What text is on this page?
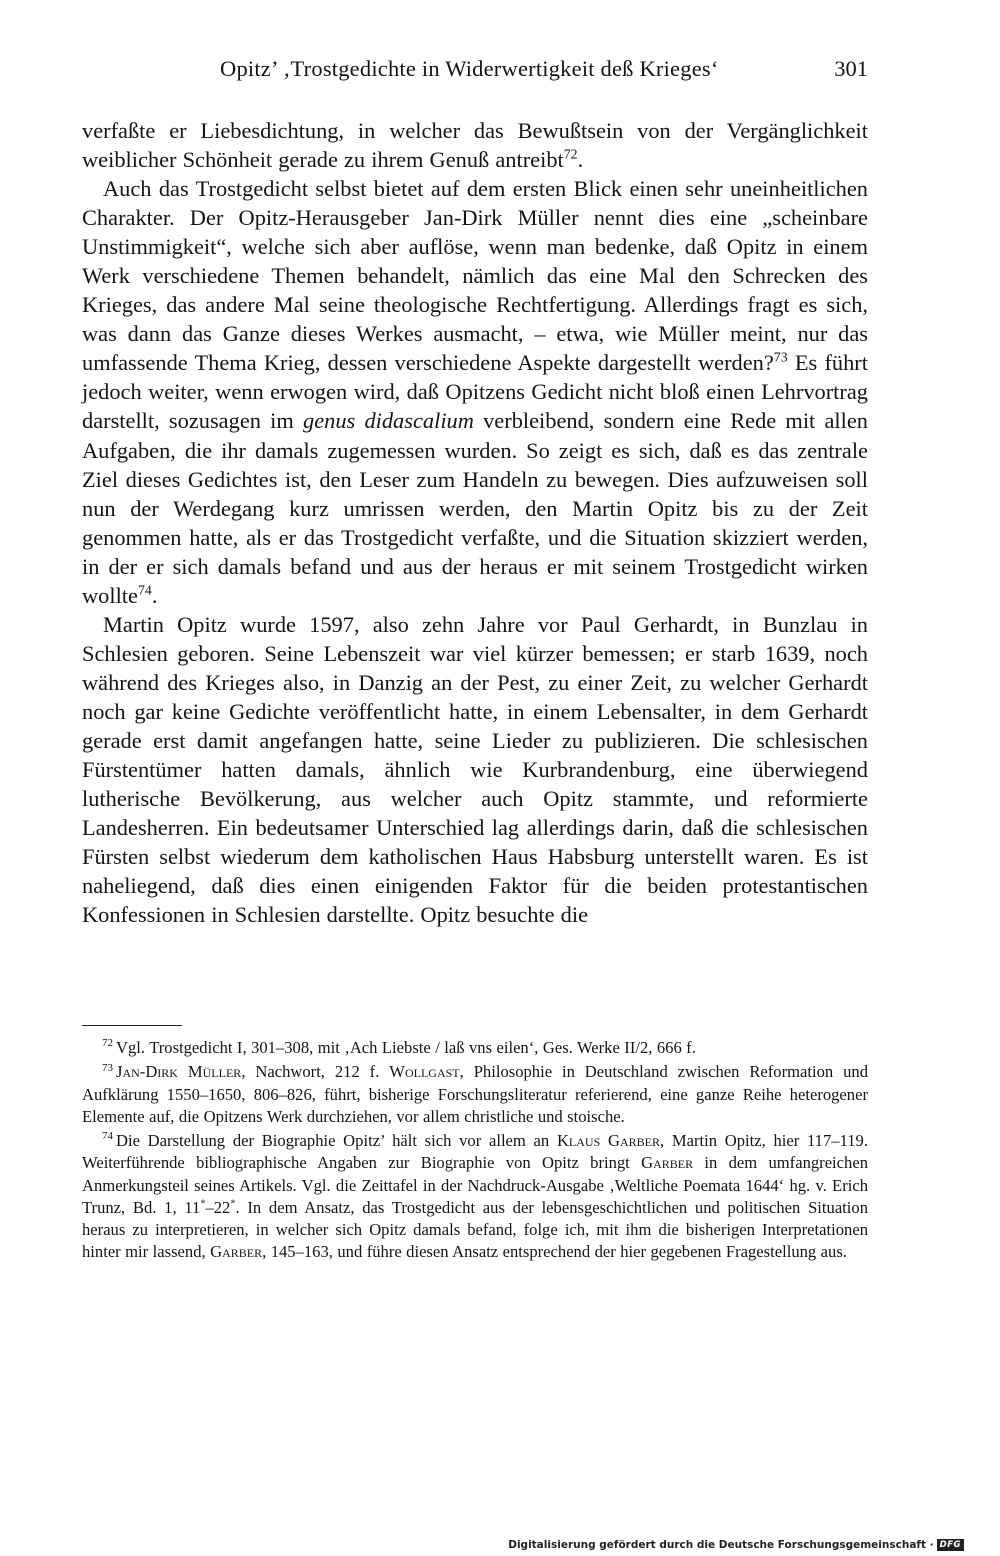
Opitz’ ‚Trostgedichte in Widerwertigkeit deß Krieges‘	301

verfaßte er Liebesdichtung, in welcher das Bewußtsein von der Vergänglichkeit weiblicher Schönheit gerade zu ihrem Genuß antreibt$^{72}$.

Auch das Trostgedicht selbst bietet auf dem ersten Blick einen sehr uneinheitlichen Charakter. Der Opitz-Herausgeber Jan-Dirk Müller nennt dies eine „scheinbare Unstimmigkeit“, welche sich aber auflöse, wenn man bedenke, daß Opitz in einem Werk verschiedene Themen behandelt, nämlich das eine Mal den Schrecken des Krieges, das andere Mal seine theologische Rechtfertigung. Allerdings fragt es sich, was dann das Ganze dieses Werkes ausmacht, – etwa, wie Müller meint, nur das umfassende Thema Krieg, dessen verschiedene Aspekte dargestellt werden?$^{73}$ Es führt jedoch weiter, wenn erwogen wird, daß Opitzens Gedicht nicht bloß einen Lehrvortrag darstellt, sozusagen im genus didascalium verbleibend, sondern eine Rede mit allen Aufgaben, die ihr damals zugemessen wurden. So zeigt es sich, daß es das zentrale Ziel dieses Gedichtes ist, den Leser zum Handeln zu bewegen. Dies aufzuweisen soll nun der Werdegang kurz umrissen werden, den Martin Opitz bis zu der Zeit genommen hatte, als er das Trostgedicht verfaßte, und die Situation skizziert werden, in der er sich damals befand und aus der heraus er mit seinem Trostgedicht wirken wollte$^{74}$.

Martin Opitz wurde 1597, also zehn Jahre vor Paul Gerhardt, in Bunzlau in Schlesien geboren. Seine Lebenszeit war viel kürzer bemessen; er starb 1639, noch während des Krieges also, in Danzig an der Pest, zu einer Zeit, zu welcher Gerhardt noch gar keine Gedichte veröffentlicht hatte, in einem Lebensalter, in dem Gerhardt gerade erst damit angefangen hatte, seine Lieder zu publizieren. Die schlesischen Fürstentümer hatten damals, ähnlich wie Kurbrandenburg, eine überwiegend lutherische Bevölkerung, aus welcher auch Opitz stammte, und reformierte Landesherren. Ein bedeutsamer Unterschied lag allerdings darin, daß die schlesischen Fürsten selbst wiederum dem katholischen Haus Habsburg unterstellt waren. Es ist naheliegend, daß dies einen einigenden Faktor für die beiden protestantischen Konfessionen in Schlesien darstellte. Opitz besuchte die

$^{72}$ Vgl. Trostgedicht I, 301–308, mit ‚Ach Liebste / laß vns eilen‘, Ges. Werke II/2, 666 f.

$^{73}$ Jan-Dirk Müller, Nachwort, 212 f. Wollgast, Philosophie in Deutschland zwischen Reformation und Aufklärung 1550–1650, 806–826, führt, bisherige Forschungsliteratur referierend, eine ganze Reihe heterogener Elemente auf, die Opitzens Werk durchziehen, vor allem christliche und stoische.

$^{74}$ Die Darstellung der Biographie Opitz’ hält sich vor allem an Klaus Garber, Martin Opitz, hier 117–119. Weiterführende bibliographische Angaben zur Biographie von Opitz bringt Garber in dem umfangreichen Anmerkungsteil seines Artikels. Vgl. die Zeittafel in der Nachdruck-Ausgabe ‚Weltliche Poemata 1644‘ hg. v. Erich Trunz, Bd. 1, 11*–22*. In dem Ansatz, das Trostgedicht aus der lebensgeschichtlichen und politischen Situation heraus zu interpretieren, in welcher sich Opitz damals befand, folge ich, mit ihm die bisherigen Interpretationen hinter mir lassend, Garber, 145–163, und führe diesen Ansatz entsprechend der hier gegebenen Fragestellung aus.

Digitalisierung gefördert durch die Deutsche Forschungsgemeinschaft · DFG
